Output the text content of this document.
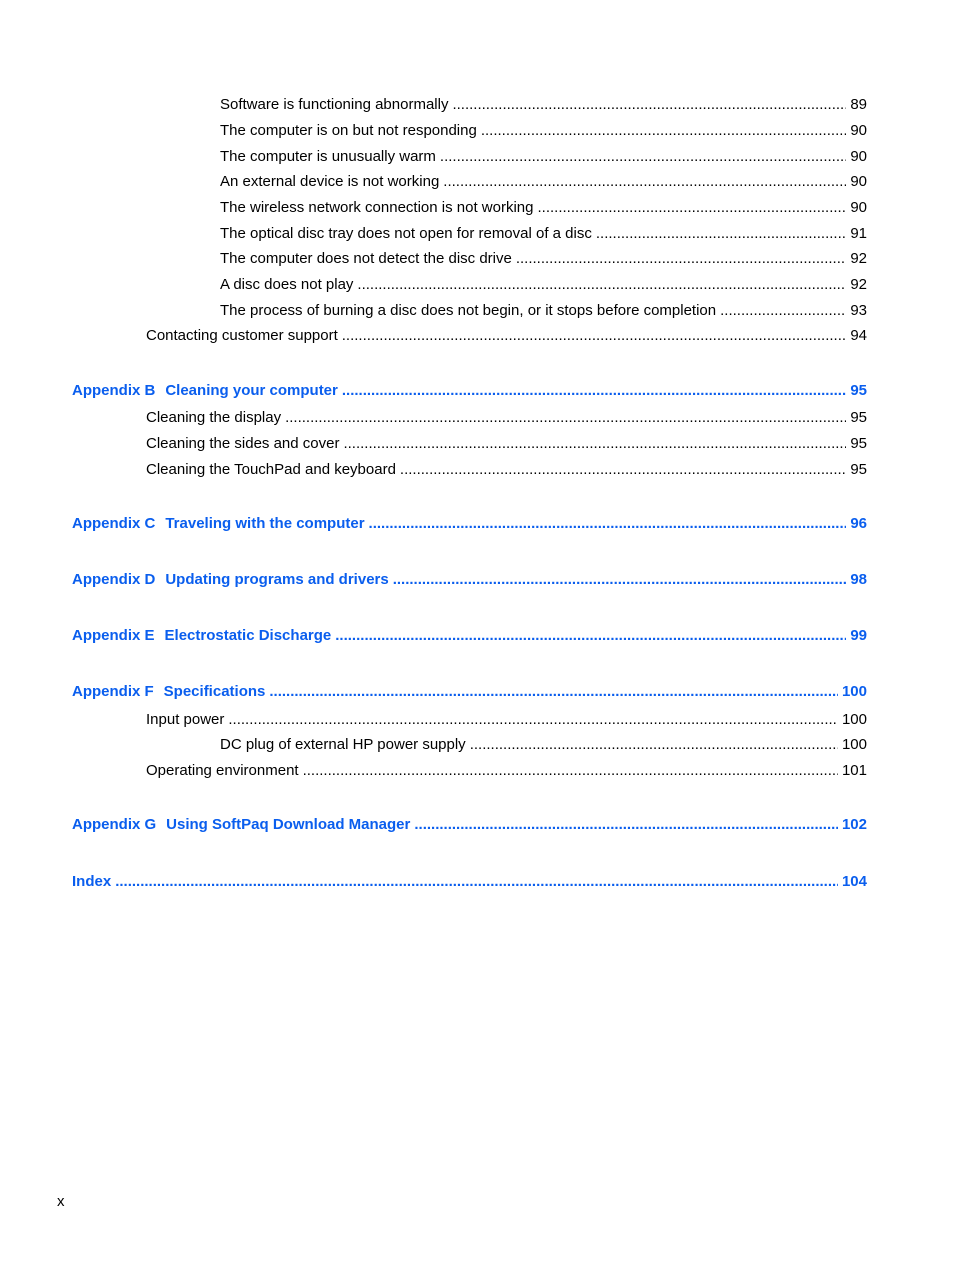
Software is functioning abnormally .....	89
The computer is on but not responding .....	90
The computer is unusually warm .....	90
An external device is not working .....	90
The wireless network connection is not working .....	90
The optical disc tray does not open for removal of a disc .....	91
The computer does not detect the disc drive .....	92
A disc does not play .....	92
The process of burning a disc does not begin, or it stops before completion .....	93
Contacting customer support .....	94
Appendix B Cleaning your computer .....	95
Cleaning the display .....	95
Cleaning the sides and cover .....	95
Cleaning the TouchPad and keyboard .....	95
Appendix C Traveling with the computer .....	96
Appendix D Updating programs and drivers .....	98
Appendix E Electrostatic Discharge .....	99
Appendix F Specifications .....	100
Input power .....	100
DC plug of external HP power supply .....	100
Operating environment .....	101
Appendix G Using SoftPaq Download Manager .....	102
Index .....	104
x
